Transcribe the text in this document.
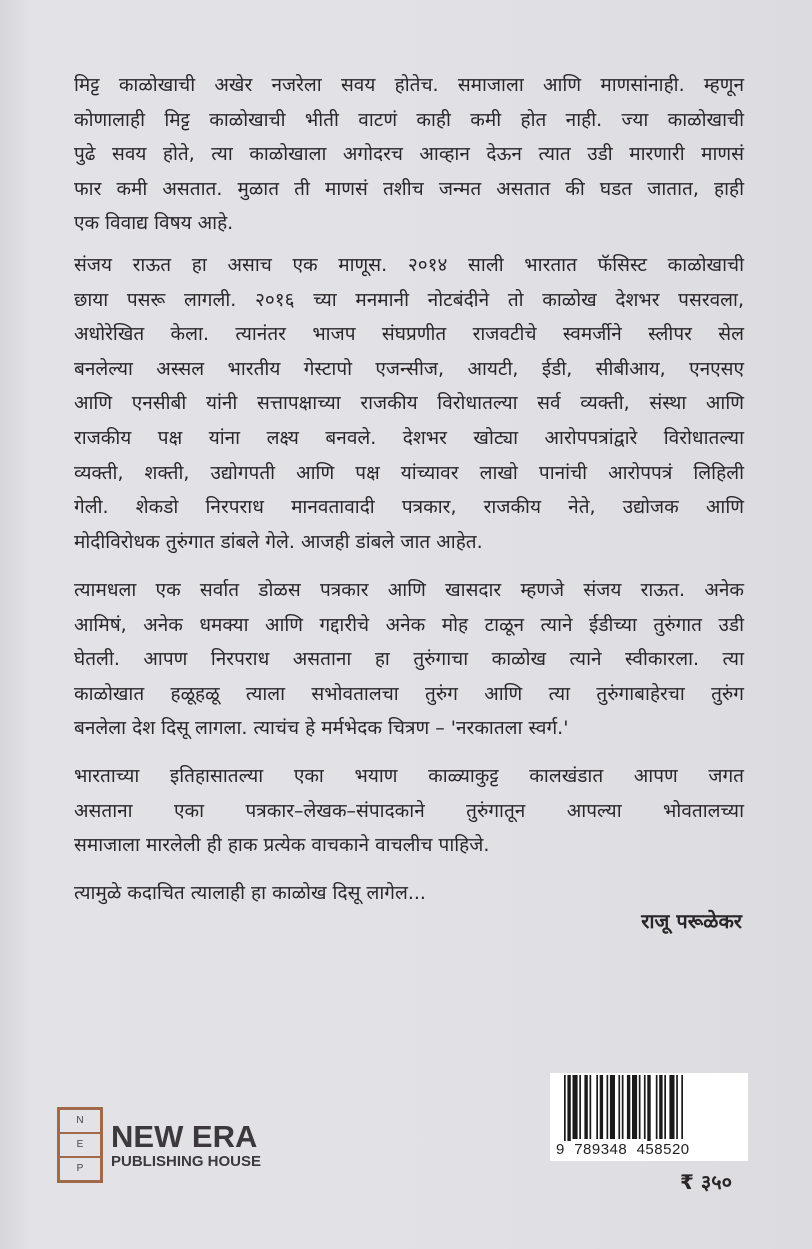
मिट्ट काळोखाची अखेर नजरेला सवय होतेच. समाजाला आणि माणसांनाही. म्हणून
कोणालाही मिट्ट काळोखाची भीती वाटणं काही कमी होत नाही. ज्या काळोखाची
पुढे सवय होते, त्या काळोखाला अगोदरच आव्हान देऊन त्यात उडी मारणारी माणसं
फार कमी असतात. मुळात ती माणसं तशीच जन्मत असतात की घडत जातात, हाही
एक विवाद्य विषय आहे.
संजय राऊत हा असाच एक माणूस. २०१४ साली भारतात फॅसिस्ट काळोखाची
छाया पसरू लागली. २०१६ च्या मनमानी नोटबंदीने तो काळोख देशभर पसरवला,
अधोरेखित केला. त्यानंतर भाजप संघप्रणीत राजवटीचे स्वमर्जीने स्लीपर सेल
बनलेल्या अस्सल भारतीय गेस्टापो एजन्सीज, आयटी, ईडी, सीबीआय, एनएसए
आणि एनसीबी यांनी सत्तापक्षाच्या राजकीय विरोधातल्या सर्व व्यक्ती, संस्था आणि
राजकीय पक्ष यांना लक्ष्य बनवले. देशभर खोट्या आरोपपत्रांद्वारे विरोधातल्या
व्यक्ती, शक्ती, उद्योगपती आणि पक्ष यांच्यावर लाखो पानांची आरोपपत्रं लिहिली
गेली. शेकडो निरपराध मानवतावादी पत्रकार, राजकीय नेते, उद्योजक आणि
मोदीविरोधक तुरुंगात डांबले गेले. आजही डांबले जात आहेत.
त्यामधला एक सर्वात डोळस पत्रकार आणि खासदार म्हणजे संजय राऊत. अनेक
आमिषं, अनेक धमक्या आणि गद्दारीचे अनेक मोह टाळून त्याने ईडीच्या तुरुंगात उडी
घेतली. आपण निरपराध असताना हा तुरुंगाचा काळोख त्याने स्वीकारला. त्या
काळोखात हळूहळू त्याला सभोवतालचा तुरुंग आणि त्या तुरुंगाबाहेरचा तुरुंग
बनलेला देश दिसू लागला. त्याचंच हे मर्मभेदक चित्रण – 'नरकातला स्वर्ग.'
भारताच्या इतिहासातल्या एका भयाण काळ्याकुट्ट कालखंडात आपण जगत
असताना एका पत्रकार–लेखक–संपादकाने तुरुंगातून आपल्या भोवतालच्या
समाजाला मारलेली ही हाक प्रत्येक वाचकाने वाचलीच पाहिजे.
त्यामुळे कदाचित त्यालाही हा काळोख दिसू लागेल...
राजू परूळेकर
N
E
P
NEW ERA
PUBLISHING HOUSE
9 789348 458520
₹ ३५०
